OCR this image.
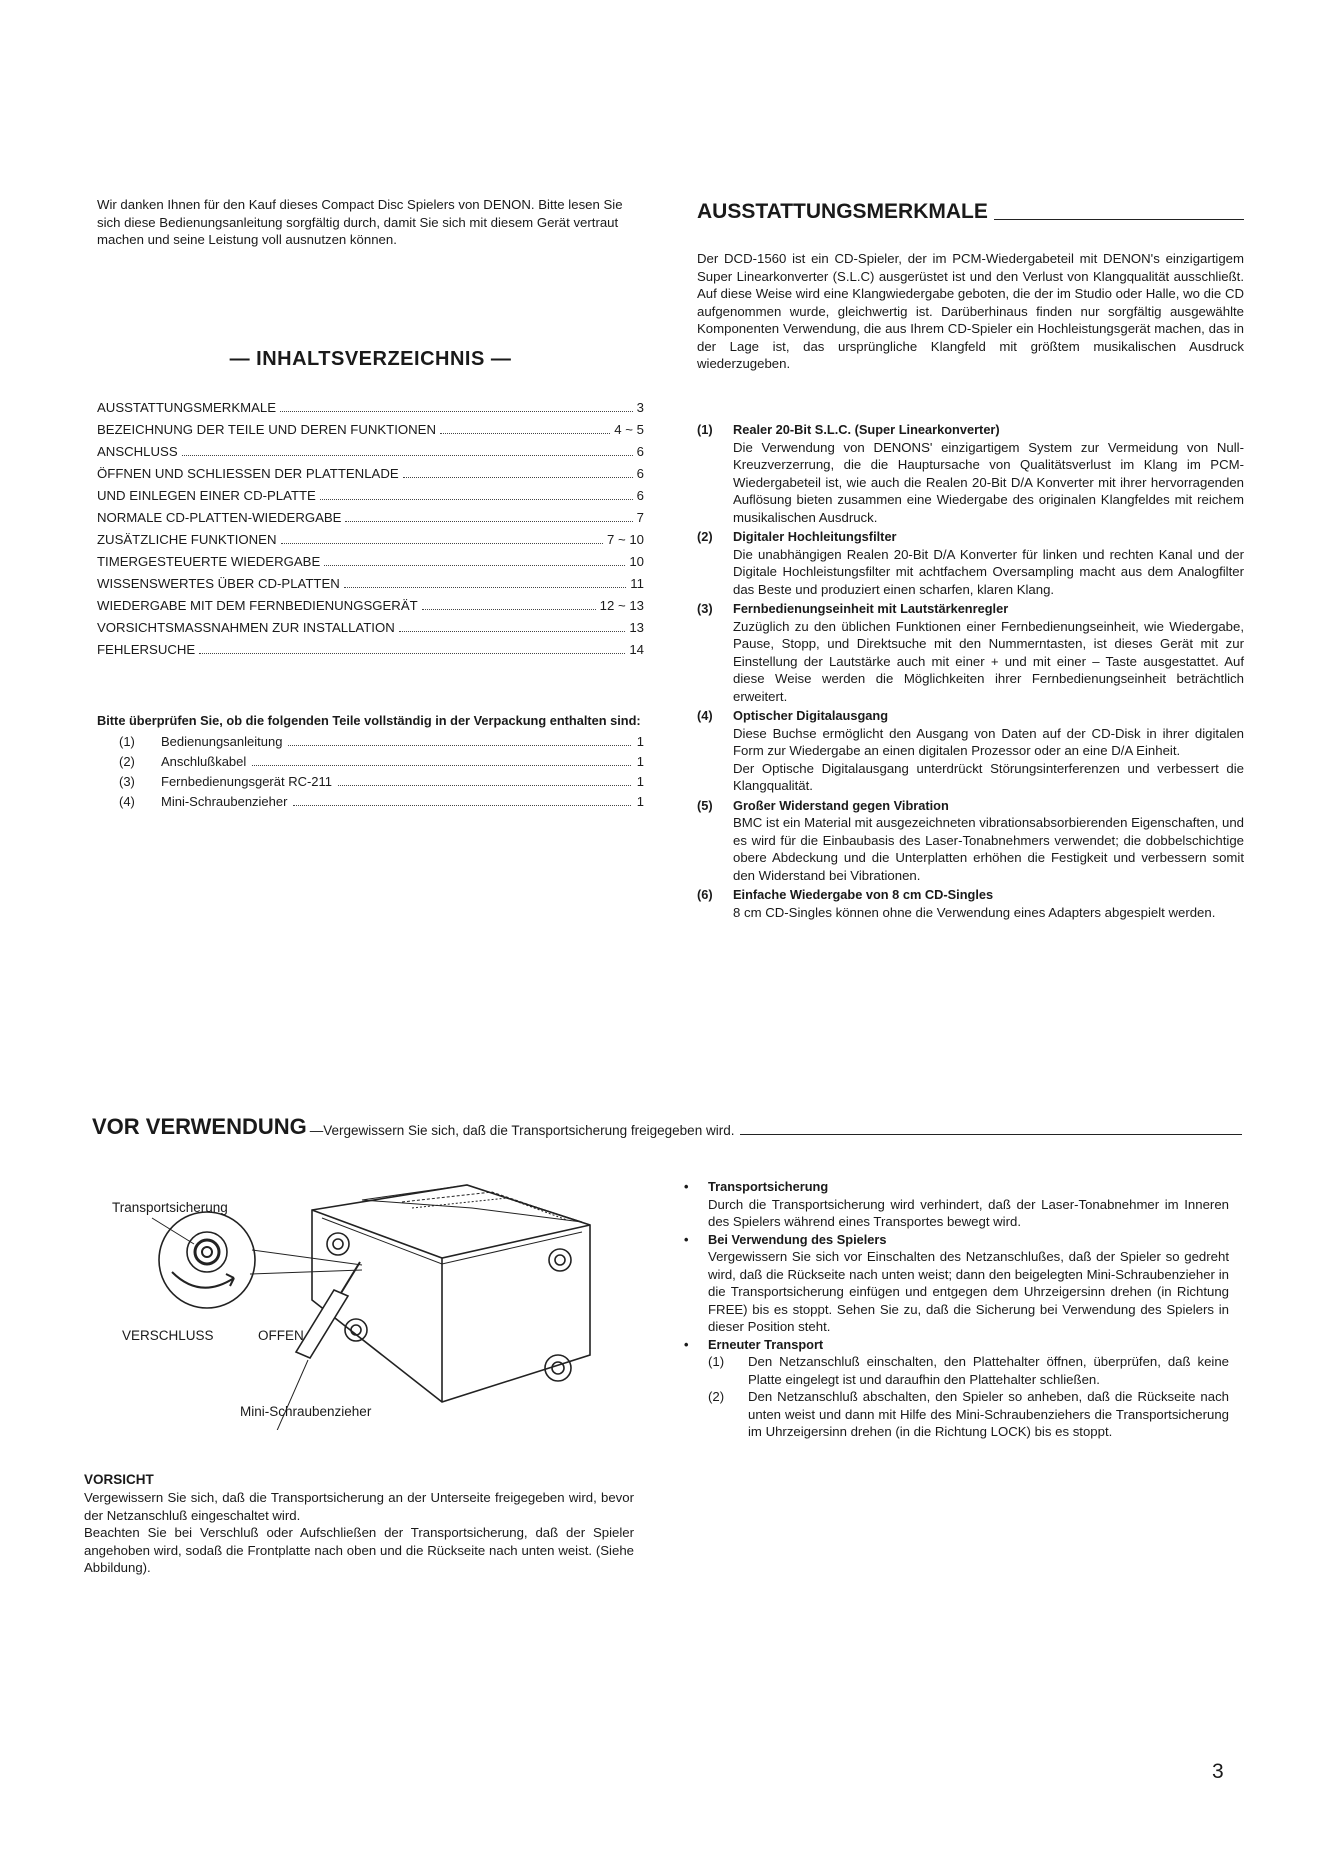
Wir danken Ihnen für den Kauf dieses Compact Disc Spielers von DENON. Bitte lesen Sie sich diese Bedienungsanleitung sorgfältig durch, damit Sie sich mit diesem Gerät vertraut machen und seine Leistung voll ausnutzen können.

— INHALTSVERZEICHNIS —
AUSSTATTUNGSMERKMALE	3
BEZEICHNUNG DER TEILE UND DEREN FUNKTIONEN	4 ~ 5
ANSCHLUSS	6
ÖFFNEN UND SCHLIESSEN DER PLATTENLADE	6
UND EINLEGEN EINER CD-PLATTE	6
NORMALE CD-PLATTEN-WIEDERGABE	7
ZUSÄTZLICHE FUNKTIONEN	7 ~ 10
TIMERGESTEUERTE WIEDERGABE	10
WISSENSWERTES ÜBER CD-PLATTEN	11
WIEDERGABE MIT DEM FERNBEDIENUNGSGERÄT	12 ~ 13
VORSICHTSMASSNAHMEN ZUR INSTALLATION	13
FEHLERSUCHE	14

Bitte überprüfen Sie, ob die folgenden Teile vollständig in der Verpackung enthalten sind:

(1)	Bedienungsanleitung	1
(2)	Anschlußkabel	1
(3)	Fernbedienungsgerät RC-211	1
(4)	Mini-Schraubenzieher	1
AUSSTATTUNGSMERKMALE
Der DCD-1560 ist ein CD-Spieler, der im PCM-Wiedergabeteil mit DENON's einzigartigem Super Linearkonverter (S.L.C) ausgerüstet ist und den Verlust von Klangqualität ausschließt. Auf diese Weise wird eine Klangwiedergabe geboten, die der im Studio oder Halle, wo die CD aufgenommen wurde, gleichwertig ist. Darüberhinaus finden nur sorgfältig ausgewählte Komponenten Verwendung, die aus Ihrem CD-Spieler ein Hochleistungsgerät machen, das in der Lage ist, das ursprüngliche Klangfeld mit größtem musikalischen Ausdruck wiederzugeben.
(1)	Realer 20-Bit S.L.C. (Super Linearkonverter)
Die Verwendung von DENONS' einzigartigem System zur Vermeidung von Null-Kreuzverzerrung, die die Hauptursache von Qualitätsverlust im Klang im PCM-Wiedergabeteil ist, wie auch die Realen 20-Bit D/A Konverter mit ihrer hervorragenden Auflösung bieten zusammen eine Wiedergabe des originalen Klangfeldes mit reichem musikalischen Ausdruck.
(2)	Digitaler Hochleitungsfilter
Die unabhängigen Realen 20-Bit D/A Konverter für linken und rechten Kanal und der Digitale Hochleistungsfilter mit achtfachem Oversampling macht aus dem Analogfilter das Beste und produziert einen scharfen, klaren Klang.
(3)	Fernbedienungseinheit mit Lautstärkenregler
Zuzüglich zu den üblichen Funktionen einer Fernbedienungseinheit, wie Wiedergabe, Pause, Stopp, und Direktsuche mit den Nummerntasten, ist dieses Gerät mit zur Einstellung der Lautstärke auch mit einer + und mit einer – Taste ausgestattet. Auf diese Weise werden die Möglichkeiten ihrer Fernbedienungseinheit beträchtlich erweitert.
(4)	Optischer Digitalausgang
Diese Buchse ermöglicht den Ausgang von Daten auf der CD-Disk in ihrer digitalen Form zur Wiedergabe an einen digitalen Prozessor oder an eine D/A Einheit.
Der Optische Digitalausgang unterdrückt Störungsinterferenzen und verbessert die Klangqualität.
(5)	Großer Widerstand gegen Vibration
BMC ist ein Material mit ausgezeichneten vibrationsabsorbierenden Eigenschaften, und es wird für die Einbaubasis des Laser-Tonabnehmers verwendet; die dobbelschichtige obere Abdeckung und die Unterplatten erhöhen die Festigkeit und verbessern somit den Widerstand bei Vibrationen.
(6)	Einfache Wiedergabe von 8 cm CD-Singles
8 cm CD-Singles können ohne die Verwendung eines Adapters abgespielt werden.
VOR VERWENDUNG —Vergewissern Sie sich, daß die Transportsicherung freigegeben wird.
Transportsicherung
VERSCHLUSS	OFFEN
Mini-Schraubenzieher

VORSICHT

Vergewissern Sie sich, daß die Transportsicherung an der Unterseite freigegeben wird, bevor der Netzanschluß eingeschaltet wird.

Beachten Sie bei Verschluß oder Aufschließen der Transportsicherung, daß der Spieler angehoben wird, sodaß die Frontplatte nach oben und die Rückseite nach unten weist. (Siehe Abbildung).

•	Transportsicherung
Durch die Transportsicherung wird verhindert, daß der Laser-Tonabnehmer im Inneren des Spielers während eines Transportes bewegt wird.
•	Bei Verwendung des Spielers
Vergewissern Sie sich vor Einschalten des Netzanschlußes, daß der Spieler so gedreht wird, daß die Rückseite nach unten weist; dann den beigelegten Mini-Schraubenzieher in die Transportsicherung einfügen und entgegen dem Uhrzeigersinn drehen (in Richtung FREE) bis es stoppt. Sehen Sie zu, daß die Sicherung bei Verwendung des Spielers in dieser Position steht.
•	Erneuter Transport
(1)	Den Netzanschluß einschalten, den Plattehalter öffnen, überprüfen, daß keine Platte eingelegt ist und daraufhin den Plattehalter schließen.
(2)	Den Netzanschluß abschalten, den Spieler so anheben, daß die Rückseite nach unten weist und dann mit Hilfe des Mini-Schraubenziehers die Transportsicherung im Uhrzeigersinn drehen (in die Richtung LOCK) bis es stoppt.
3
